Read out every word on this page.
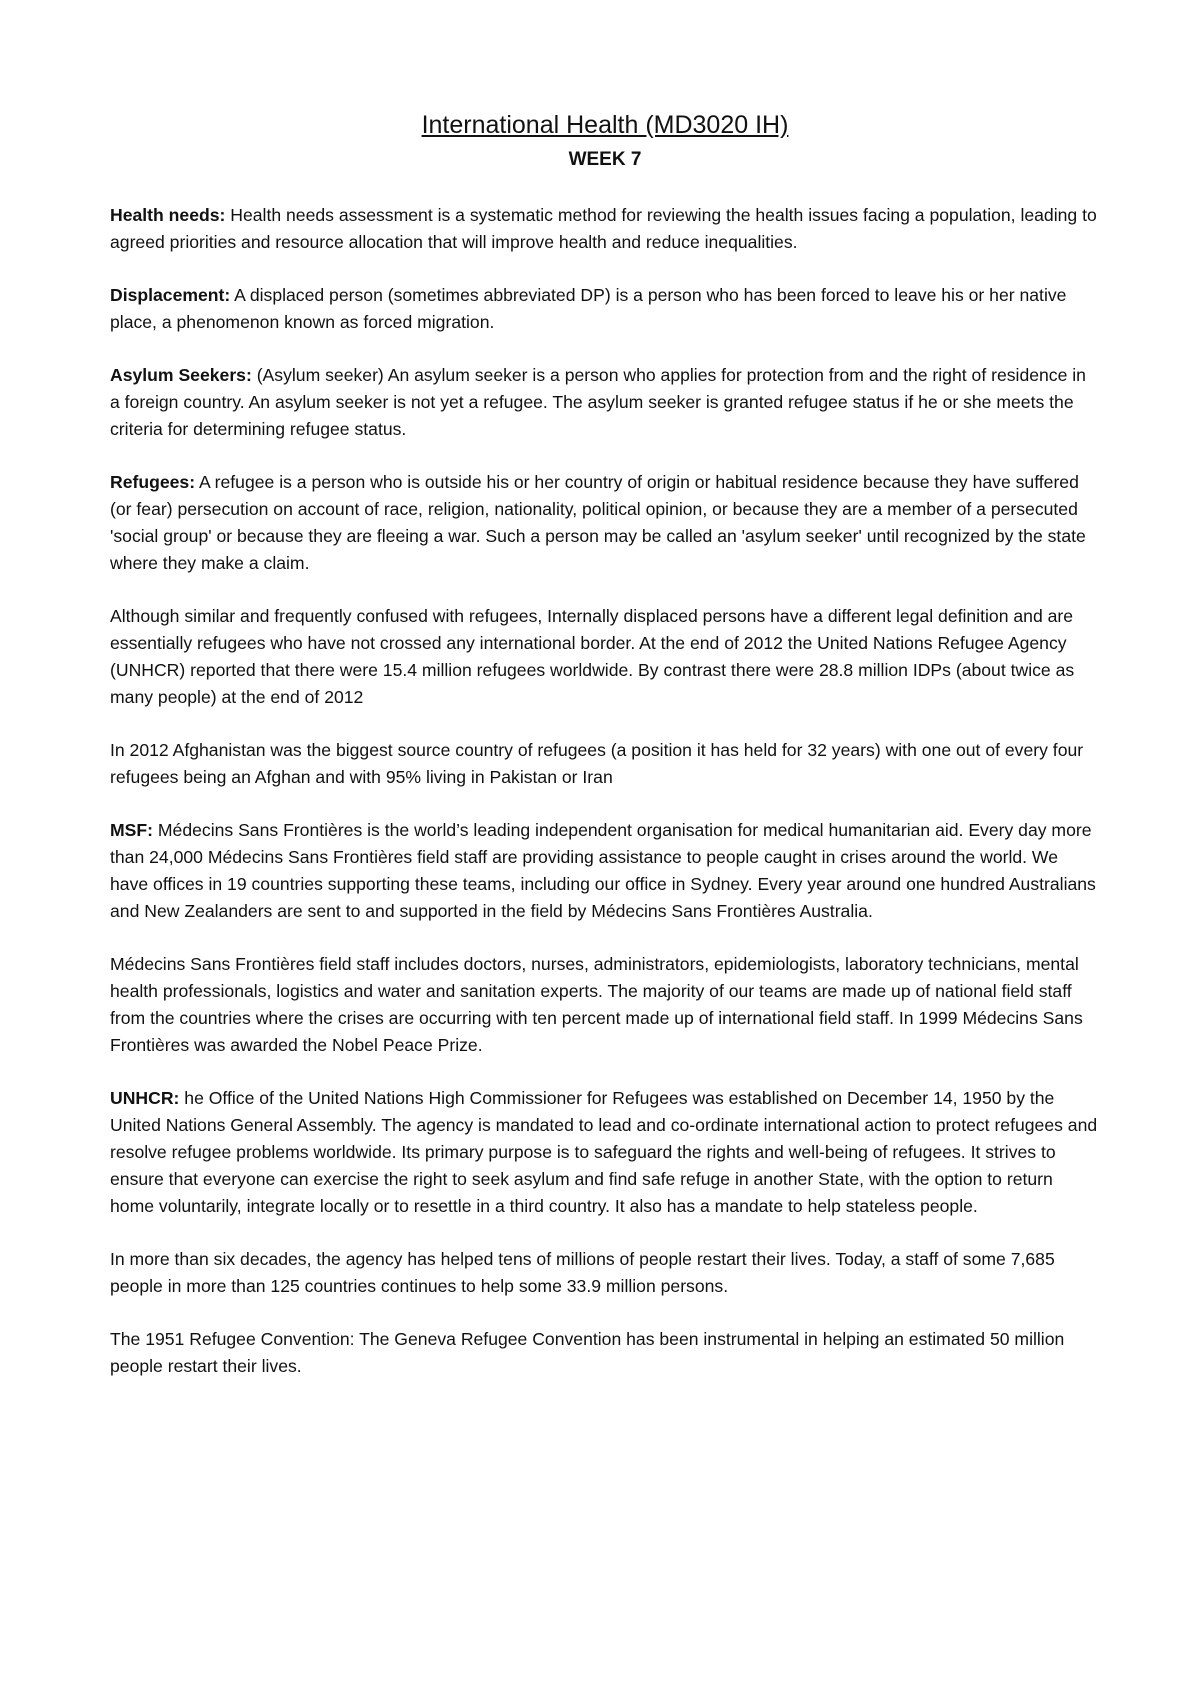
International Health (MD3020 IH)
WEEK 7

Health needs: Health needs assessment is a systematic method for reviewing the health issues facing a population, leading to agreed priorities and resource allocation that will improve health and reduce inequalities.

Displacement: A displaced person (sometimes abbreviated DP) is a person who has been forced to leave his or her native place, a phenomenon known as forced migration.

Asylum Seekers: (Asylum seeker) An asylum seeker is a person who applies for protection from and the right of residence in a foreign country. An asylum seeker is not yet a refugee. The asylum seeker is granted refugee status if he or she meets the criteria for determining refugee status.

Refugees: A refugee is a person who is outside his or her country of origin or habitual residence because they have suffered (or fear) persecution on account of race, religion, nationality, political opinion, or because they are a member of a persecuted 'social group' or because they are fleeing a war. Such a person may be called an 'asylum seeker' until recognized by the state where they make a claim.

Although similar and frequently confused with refugees, Internally displaced persons have a different legal definition and are essentially refugees who have not crossed any international border. At the end of 2012 the United Nations Refugee Agency (UNHCR) reported that there were 15.4 million refugees worldwide. By contrast there were 28.8 million IDPs (about twice as many people) at the end of 2012

In 2012 Afghanistan was the biggest source country of refugees (a position it has held for 32 years) with one out of every four refugees being an Afghan and with 95% living in Pakistan or Iran

MSF: Médecins Sans Frontières is the world’s leading independent organisation for medical humanitarian aid. Every day more than 24,000 Médecins Sans Frontières field staff are providing assistance to people caught in crises around the world. We have offices in 19 countries supporting these teams, including our office in Sydney. Every year around one hundred Australians and New Zealanders are sent to and supported in the field by Médecins Sans Frontières Australia.

Médecins Sans Frontières field staff includes doctors, nurses, administrators, epidemiologists, laboratory technicians, mental health professionals, logistics and water and sanitation experts. The majority of our teams are made up of national field staff from the countries where the crises are occurring with ten percent made up of international field staff. In 1999 Médecins Sans Frontières was awarded the Nobel Peace Prize.

UNHCR: he Office of the United Nations High Commissioner for Refugees was established on December 14, 1950 by the United Nations General Assembly. The agency is mandated to lead and co-ordinate international action to protect refugees and resolve refugee problems worldwide. Its primary purpose is to safeguard the rights and well-being of refugees. It strives to ensure that everyone can exercise the right to seek asylum and find safe refuge in another State, with the option to return home voluntarily, integrate locally or to resettle in a third country. It also has a mandate to help stateless people.

In more than six decades, the agency has helped tens of millions of people restart their lives. Today, a staff of some 7,685 people in more than 125 countries continues to help some 33.9 million persons.

The 1951 Refugee Convention: The Geneva Refugee Convention has been instrumental in helping an estimated 50 million people restart their lives.
